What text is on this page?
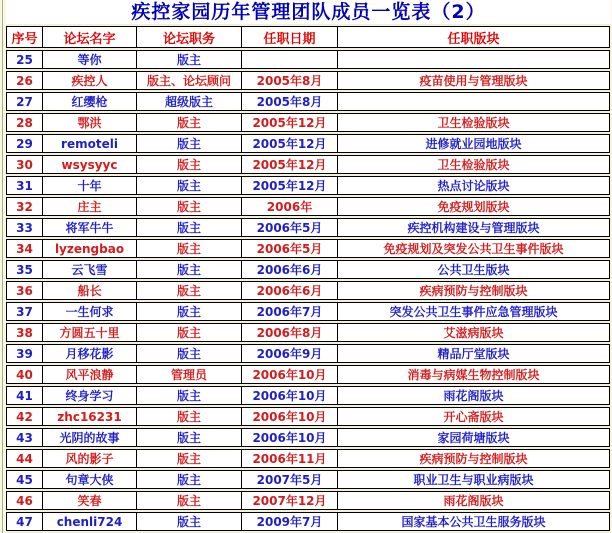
疾控家园历年管理团队成员一览表（2）
序号	论坛名字	论坛职务	任职日期	任职版块
25	等你	版主		
26	疾控人	版主、论坛顾问	2005年8月	疫苗使用与管理版块
27	红缨枪	超级版主	2005年8月	
28	鄂洪	版主	2005年12月	卫生检验版块
29	remoteli	版主	2005年12月	进修就业园地版块
30	wsysyyc	版主	2005年12月	卫生检验版块
31	十年	版主	2005年12月	热点讨论版块
32	庄主	版主	2006年	免疫规划版块
33	将军牛牛	版主	2006年5月	疾控机构建设与管理版块
34	lyzengbao	版主	2006年5月	免疫规划及突发公共卫生事件版块
35	云飞雪	版主	2006年6月	公共卫生版块
36	船长	版主	2006年6月	疾病预防与控制版块
37	一生何求	版主	2006年7月	突发公共卫生事件应急管理版块
38	方圆五十里	版主	2006年8月	艾滋病版块
39	月移花影	版主	2006年9月	精品厅堂版块
40	风平浪静	管理员	2006年10月	消毒与病媒生物控制版块
41	终身学习	版主	2006年10月	雨花阁版块
42	zhc16231	版主	2006年10月	开心斋版块
43	光阴的故事	版主	2006年10月	家园荷塘版块
44	风的影子	版主	2006年11月	疾病预防与控制版块
45	句章大侠	版主	2007年5月	职业卫生与职业病版块
46	笑春	版主	2007年12月	雨花阁版块
47	chenli724	版主	2009年7月	国家基本公共卫生服务版块
